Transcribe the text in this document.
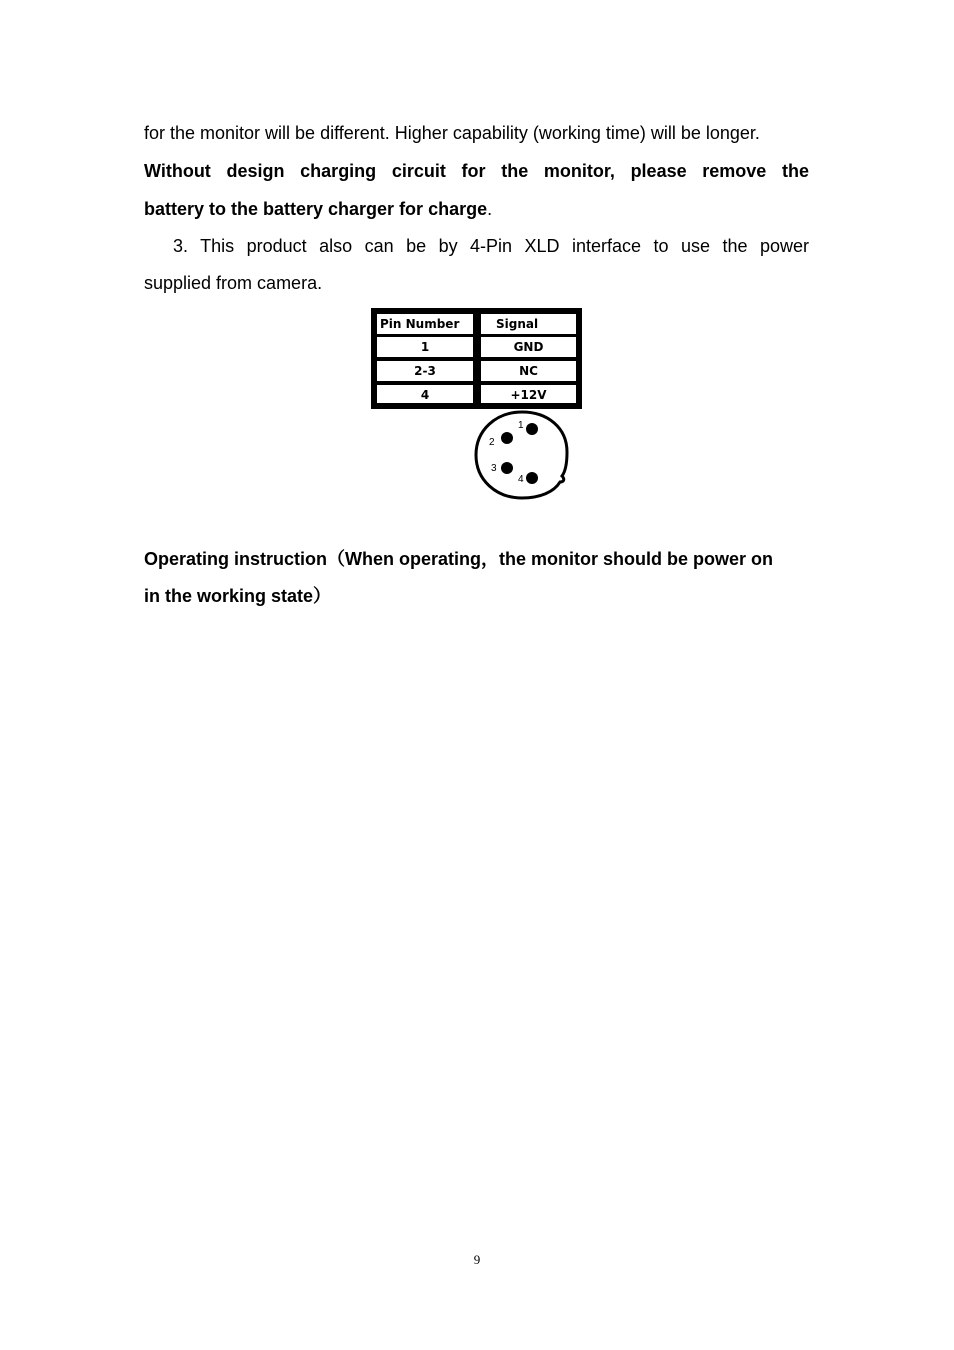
for the monitor will be different. Higher capability (working time) will be longer.
Without design charging circuit for the monitor, please remove the
battery to the battery charger for charge.
3. This product also can be by 4-Pin XLD interface to use the power
supplied from camera.
Pin Number	Signal
1	GND
2-3	NC
4	+12V
1
2
3
4
Operating instruction（When operating，the monitor should be power on
in the working state）
9
